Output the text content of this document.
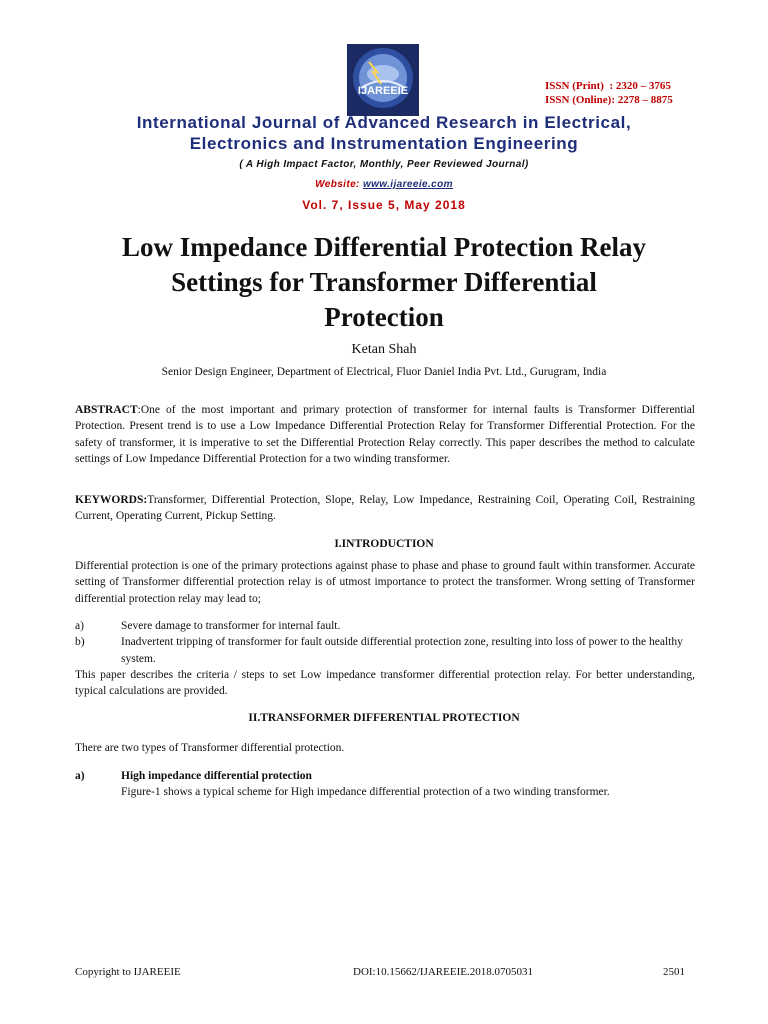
IJAREEIE	ISSN (Print)  : 2320 – 3765
ISSN (Online): 2278 – 8875
International Journal of Advanced Research in Electrical,
Electronics and Instrumentation Engineering
( A High Impact Factor, Monthly, Peer Reviewed Journal)
Website: www.ijareeie.com
Vol. 7, Issue 5, May 2018
Low Impedance Differential Protection Relay
Settings for Transformer Differential
Protection
Ketan Shah
Senior Design Engineer, Department of Electrical, Fluor Daniel India Pvt. Ltd., Gurugram, India
ABSTRACT:One of the most important and primary protection of transformer for internal faults is Transformer Differential Protection. Present trend is to use a Low Impedance Differential Protection Relay for Transformer Differential Protection. For the safety of transformer, it is imperative to set the Differential Protection Relay correctly. This paper describes the method to calculate settings of Low Impedance Differential Protection for a two winding transformer.
KEYWORDS:Transformer, Differential Protection, Slope, Relay, Low Impedance, Restraining Coil, Operating Coil, Restraining Current, Operating Current, Pickup Setting.
I.INTRODUCTION
Differential protection is one of the primary protections against phase to phase and phase to ground fault within transformer. Accurate setting of Transformer differential protection relay is of utmost importance to protect the transformer. Wrong setting of Transformer differential protection relay may lead to;
a)	Severe damage to transformer for internal fault.
b)	Inadvertent tripping of transformer for fault outside differential protection zone, resulting into loss of power to the healthy system.
This paper describes the criteria / steps to set Low impedance transformer differential protection relay. For better understanding, typical calculations are provided.
II.TRANSFORMER DIFFERENTIAL PROTECTION
There are two types of Transformer differential protection.
a)	High impedance differential protection
Figure-1 shows a typical scheme for High impedance differential protection of a two winding transformer.
Copyright to IJAREEIE	DOI:10.15662/IJAREEIE.2018.0705031	2501
